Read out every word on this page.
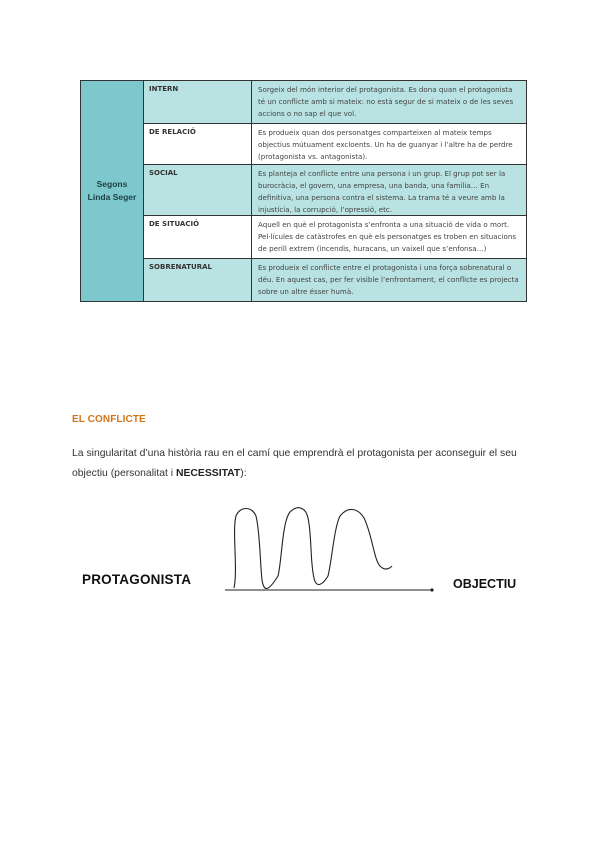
Segons
Linda Seger
INTERN	Sorgeix del món interior del protagonista. Es dona quan el protagonista té un conflicte amb si mateix: no està segur de si mateix o de les seves accions o no sap el que vol.
DE RELACIÓ	Es produeix quan dos personatges comparteixen al mateix temps objectius mútuament excloents. Un ha de guanyar i l’altre ha de perdre (protagonista vs. antagonista).
SOCIAL	Es planteja el conflicte entre una persona i un grup. El grup pot ser la burocràcia, el govern, una empresa, una banda, una família… En definitiva, una persona contra el sistema. La trama té a veure amb la injustícia, la corrupció, l’opressió, etc.
DE SITUACIÓ	Aquell en què el protagonista s’enfronta a una situació de vida o mort. Pel·lícules de catàstrofes en què els personatges es troben en situacions de perill extrem (incendis, huracans, un vaixell que s’enfonsa…)
SOBRENATURAL	Es produeix el conflicte entre el protagonista i una força sobrenatural o déu. En aquest cas, per fer visible l’enfrontament, el conflicte es projecta sobre un altre ésser humà.
EL CONFLICTE

La singularitat d’una història rau en el camí que emprendrà el protagonista per aconseguir el seu objectiu (personalitat i NECESSITAT):

PROTAGONISTA	OBJECTIU
